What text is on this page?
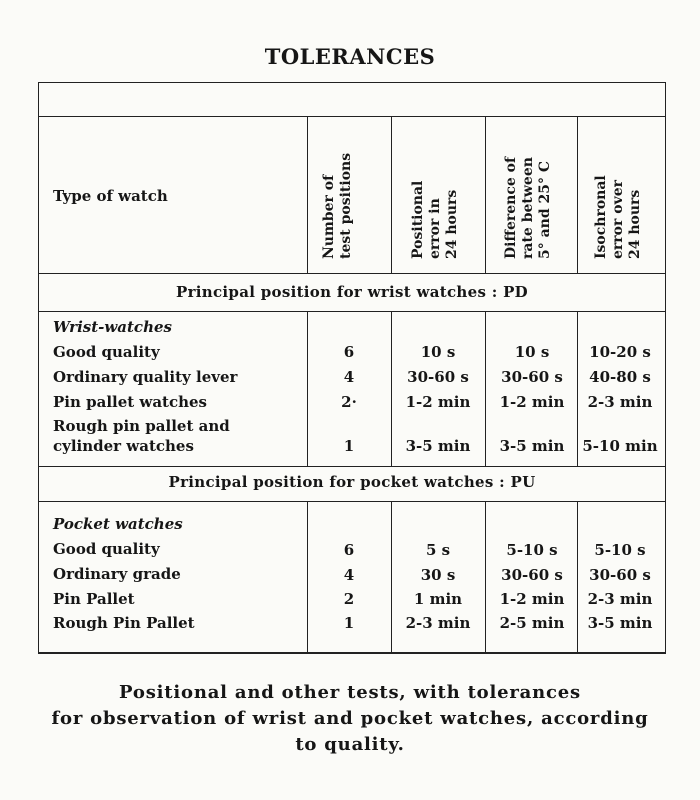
TOLERANCES
Type of watch	Number of test positions	Positional error in 24 hours	Difference of rate between 5° and 25° C	Isochronal error over 24 hours
Principal position for wrist watches : PD
Wrist-watches
Good quality	6	10 s	10 s	10-20 s
Ordinary quality lever	4	30-60 s	30-60 s	40-80 s
Pin pallet watches	2·	1-2 min	1-2 min	2-3 min
Rough pin pallet and
cylinder watches	1	3-5 min	3-5 min	5-10 min
Principal position for pocket watches : PU
Pocket watches
Good quality	6	5 s	5-10 s	5-10 s
Ordinary grade	4	30 s	30-60 s	30-60 s
Pin Pallet	2	1 min	1-2 min	2-3 min
Rough Pin Pallet	1	2-3 min	2-5 min	3-5 min
Positional and other tests, with tolerances
for observation of wrist and pocket watches, according
to quality.
